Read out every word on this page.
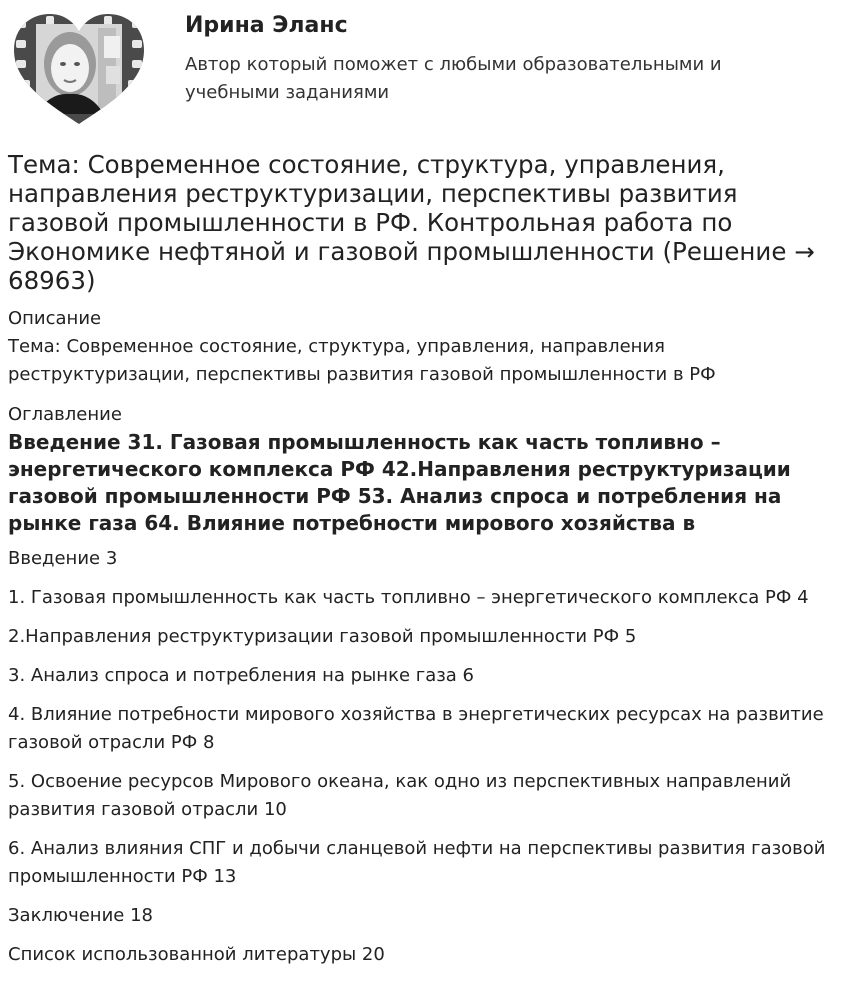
Ирина Эланс

Автор который поможет с любыми образовательными и учебными заданиями

Тема: Современное состояние, структура, управления, направления реструктуризации, перспективы развития газовой промышленности в РФ. Контрольная работа по Экономике нефтяной и газовой промышленности (Решение → 68963)
Описание

Тема: Современное состояние, структура, управления, направления реструктуризации, перспективы развития газовой промышленности в РФ

Оглавление
Введение 31. Газовая промышленность как часть топливно – энергетического комплекса РФ 42.Направления реструктуризации газовой промышленности РФ 53. Анализ спроса и потребления на рынке газа 64. Влияние потребности мирового хозяйства в
Введение 3
1. Газовая промышленность как часть топливно – энергетического комплекса РФ 4
2.Направления реструктуризации газовой промышленности РФ 5
3. Анализ спроса и потребления на рынке газа 6
4. Влияние потребности мирового хозяйства в энергетических ресурсах на развитие газовой отрасли РФ 8
5. Освоение ресурсов Мирового океана, как одно из перспективных направлений развития газовой отрасли 10
6. Анализ влияния СПГ и добычи сланцевой нефти на перспективы развития газовой промышленности РФ 13
Заключение 18
Список использованной литературы 20
